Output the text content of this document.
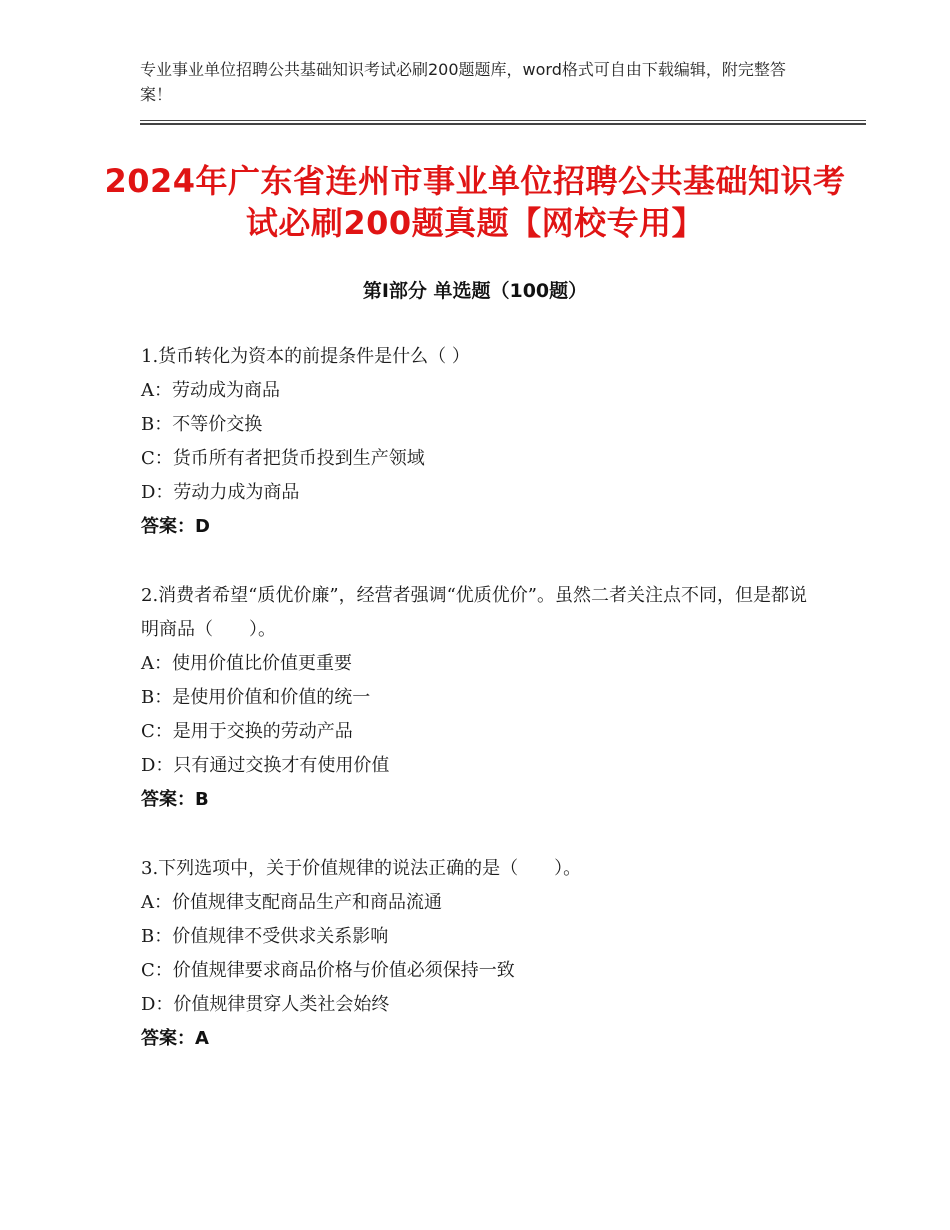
专业事业单位招聘公共基础知识考试必刷200题题库，word格式可自由下载编辑，附完整答案！
2024年广东省连州市事业单位招聘公共基础知识考试必刷200题真题【网校专用】
第Ⅰ部分 单选题（100题）
1.货币转化为资本的前提条件是什么（ ）
A：劳动成为商品
B：不等价交换
C：货币所有者把货币投到生产领域
D：劳动力成为商品
答案：D
2.消费者希望“质优价廉”，经营者强调“优质优价”。虽然二者关注点不同，但是都说明商品（　　）。
A：使用价值比价值更重要
B：是使用价值和价值的统一
C：是用于交换的劳动产品
D：只有通过交换才有使用价值
答案：B
3.下列选项中，关于价值规律的说法正确的是（　　）。
A：价值规律支配商品生产和商品流通
B：价值规律不受供求关系影响
C：价值规律要求商品价格与价值必须保持一致
D：价值规律贯穿人类社会始终
答案：A
